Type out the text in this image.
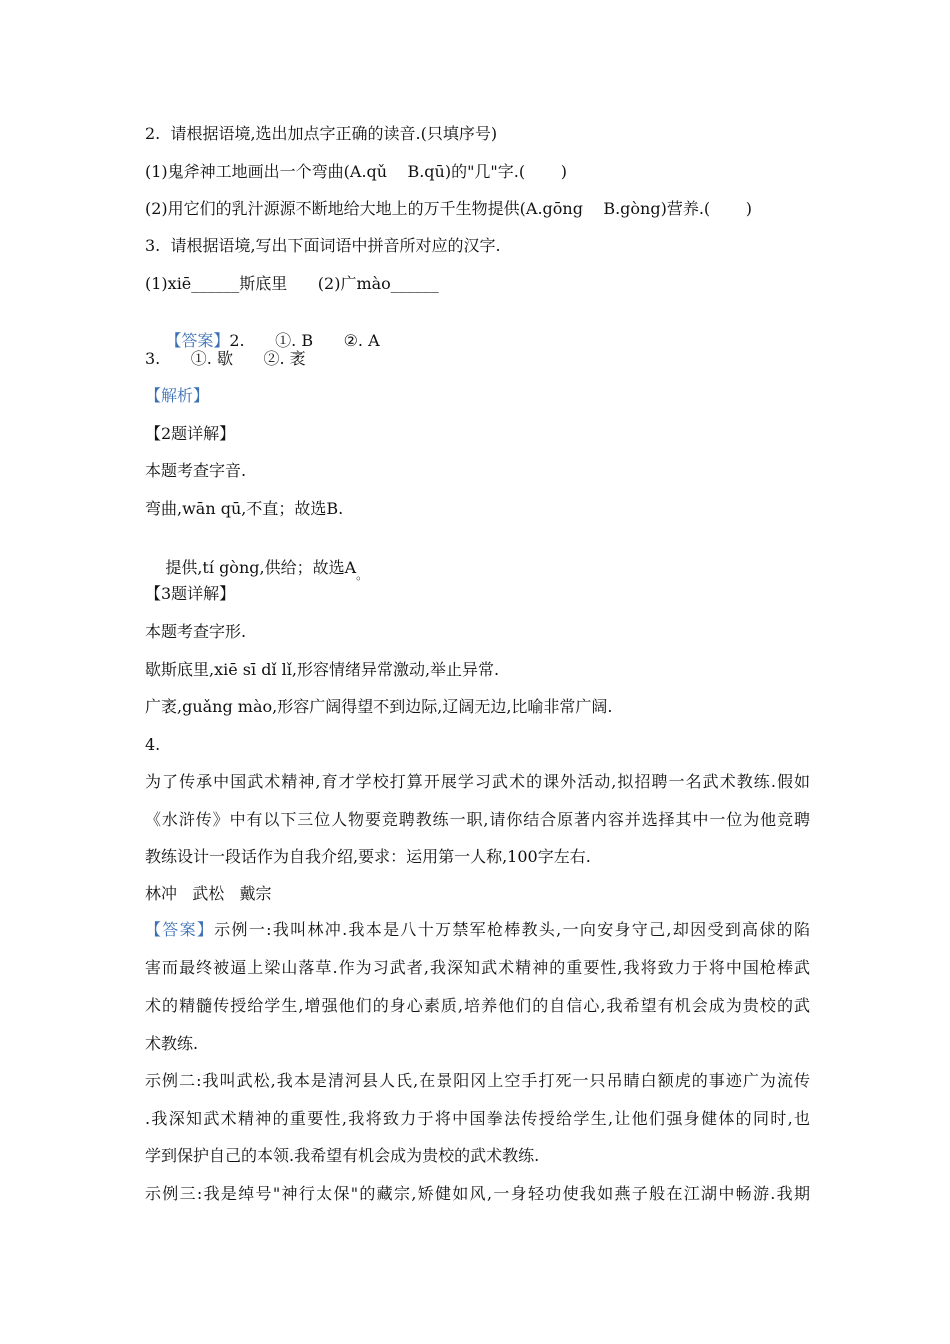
2.  请根据语境,选出加点字正确的读音.(只填序号)
(1)鬼斧神工地画出一个弯曲(A.qǔ    B.qū)的"几"字.(       )
(2)用它们的乳汁源源不断地给大地上的万千生物提供(A.gōng    B.gòng)营养.(       )
3.  请根据语境,写出下面词语中拼音所对应的汉字.
(1)xiē______斯底里      (2)广mào______

【答案】2.      ①. B      ②. A

3.      ①. 歇      ②. 袤
【解析】
【2题详解】
本题考查字音.
弯曲,wān qū,不直；故选B.

提供,tí gòng,供给；故选$A_。$

【3题详解】
本题考查字形.
歇斯底里,xiē sī dǐ lǐ,形容情绪异常激动,举止异常.
广袤,guǎng mào,形容广阔得望不到边际,辽阔无边,比喻非常广阔.
4.
为了传承中国武术精神,育才学校打算开展学习武术的课外活动,拟招聘一名武术教练.假如
《水浒传》中有以下三位人物要竞聘教练一职,请你结合原著内容并选择其中一位为他竞聘
教练设计一段话作为自我介绍,要求：运用第一人称,100字左右.
林冲   武松   戴宗
【答案】示例一:我叫林冲.我本是八十万禁军枪棒教头,一向安身守己,却因受到高俅的陷
害而最终被逼上梁山落草.作为习武者,我深知武术精神的重要性,我将致力于将中国枪棒武
术的精髓传授给学生,增强他们的身心素质,培养他们的自信心,我希望有机会成为贵校的武
术教练.
示例二:我叫武松,我本是清河县人氏,在景阳冈上空手打死一只吊睛白额虎的事迹广为流传
.我深知武术精神的重要性,我将致力于将中国拳法传授给学生,让他们强身健体的同时,也
学到保护自己的本领.我希望有机会成为贵校的武术教练.
示例三:我是绰号"神行太保"的藏宗,矫健如风,一身轻功使我如燕子般在江湖中畅游.我期
